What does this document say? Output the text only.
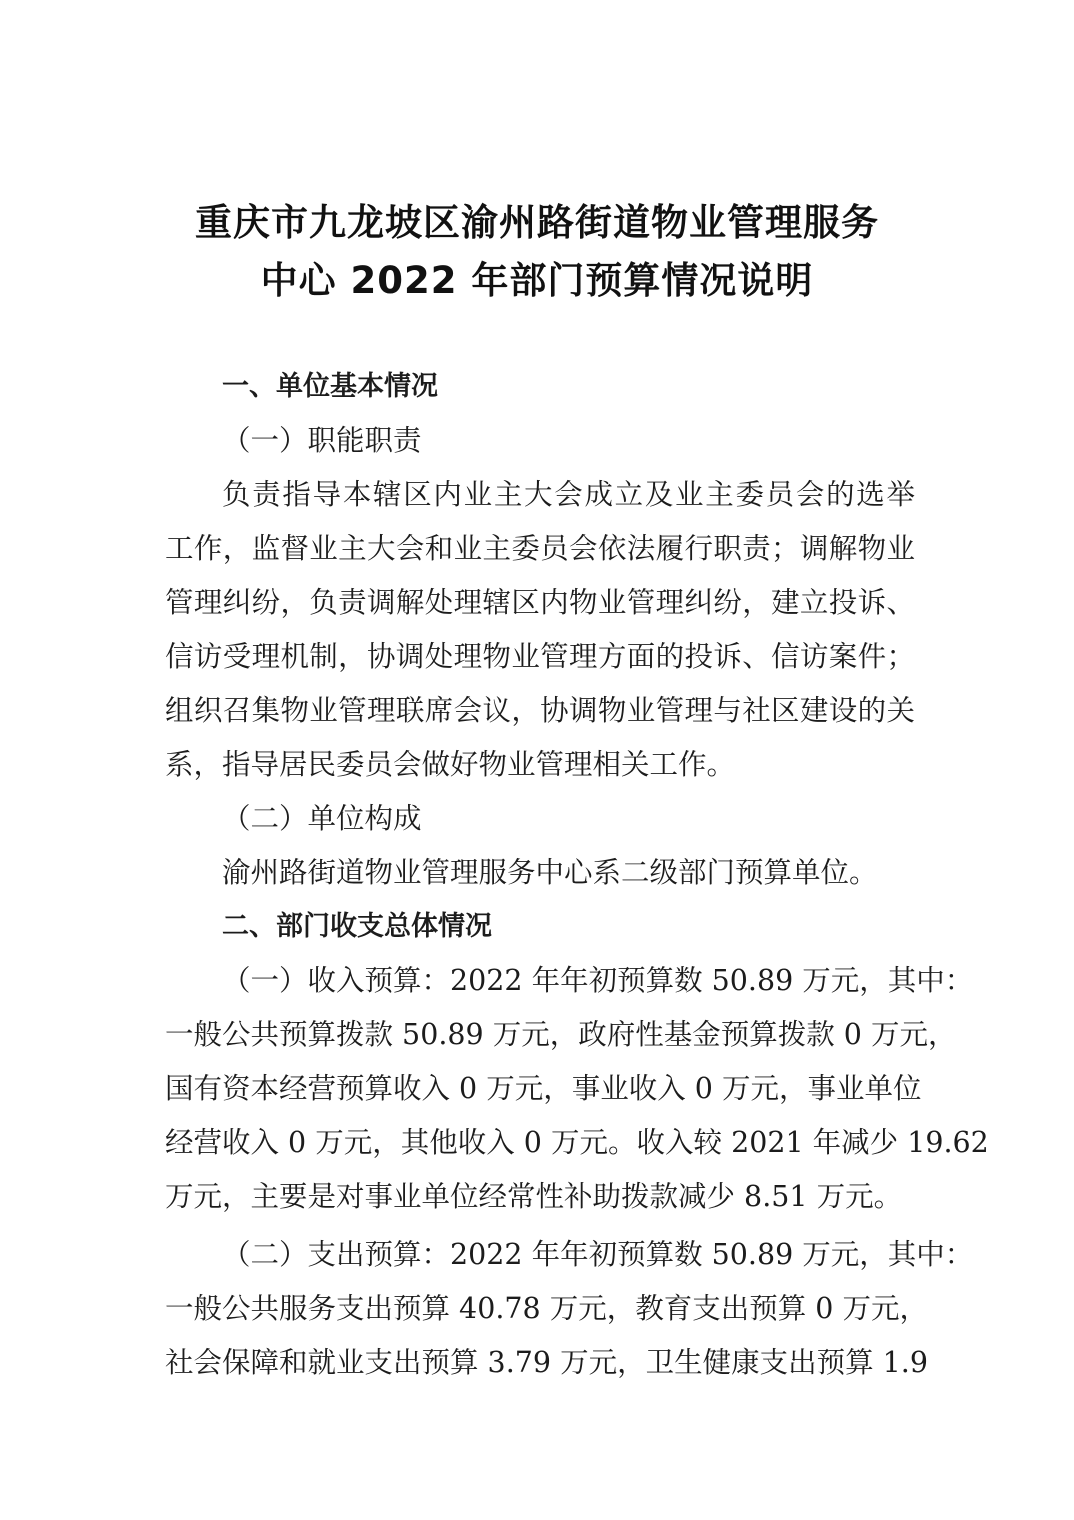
重庆市九龙坡区渝州路街道物业管理服务
中心 2022 年部门预算情况说明
一、单位基本情况
（一）职能职责
负责指导本辖区内业主大会成立及业主委员会的选举
工作，监督业主大会和业主委员会依法履行职责；调解物业
管理纠纷，负责调解处理辖区内物业管理纠纷，建立投诉、
信访受理机制，协调处理物业管理方面的投诉、信访案件；
组织召集物业管理联席会议，协调物业管理与社区建设的关
系，指导居民委员会做好物业管理相关工作。
（二）单位构成
渝州路街道物业管理服务中心系二级部门预算单位。
二、部门收支总体情况
（一）收入预算：2022 年年初预算数 50.89 万元，其中：
一般公共预算拨款 50.89 万元，政府性基金预算拨款 0 万元，
国有资本经营预算收入 0 万元，事业收入 0 万元，事业单位
经营收入 0 万元，其他收入 0 万元。收入较 2021 年减少 19.62
万元，主要是对事业单位经常性补助拨款减少 8.51 万元。
（二）支出预算：2022 年年初预算数 50.89 万元，其中：
一般公共服务支出预算 40.78 万元，教育支出预算 0 万元，
社会保障和就业支出预算 3.79 万元，卫生健康支出预算 1.9
